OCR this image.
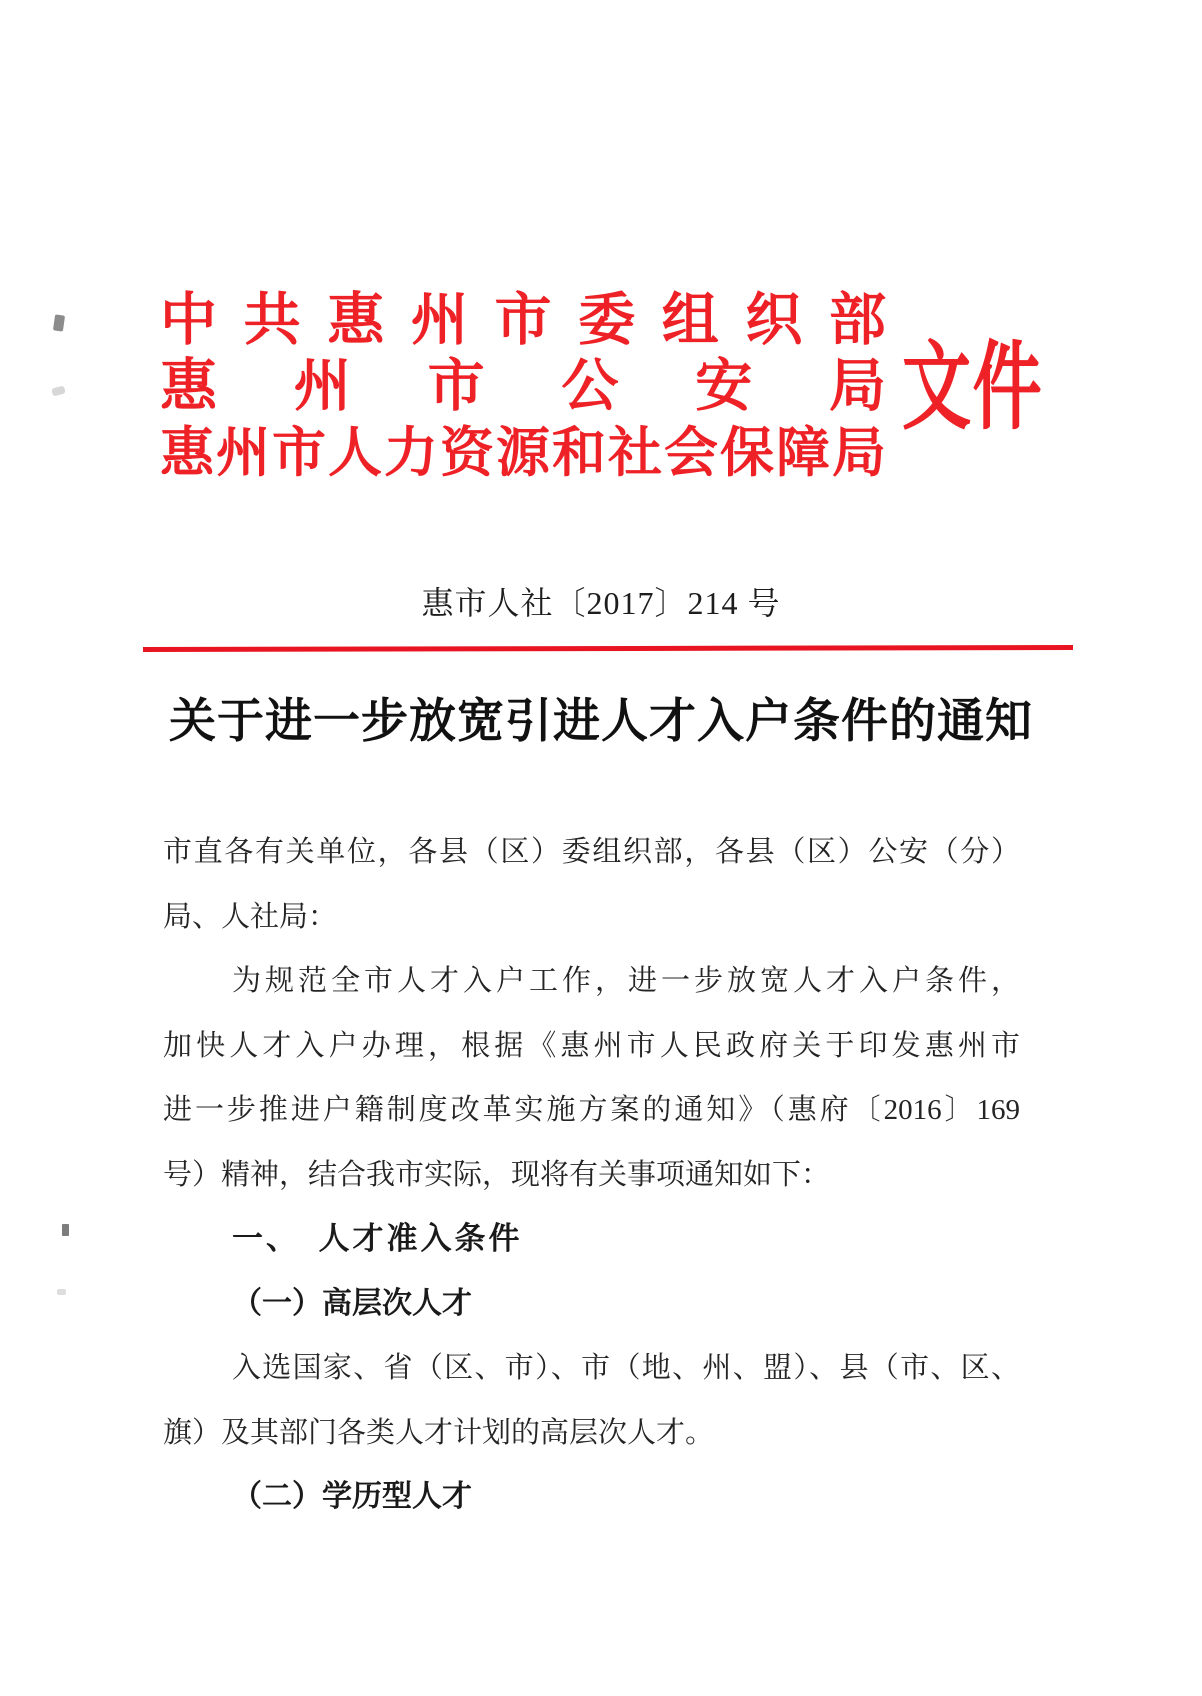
中 共 惠 州 市 委 组 织 部
惠 州 市 公 安 局
惠 州 市 人 力 资 源 和 社 会 保 障 局
文件
惠市人社〔2017〕214 号
关于进一步放宽引进人才入户条件的通知
市直各有关单位，各县（区）委组织部，各县（区）公安（分）
局、人社局：
为规范全市人才入户工作，进一步放宽人才入户条件，
加快人才入户办理，根据《惠州市人民政府关于印发惠州市
进一步推进户籍制度改革实施方案的通知》（惠府〔2016〕169
号）精神，结合我市实际，现将有关事项通知如下：
一、　人才准入条件
（一）高层次人才
入选国家、省（区、市）、市（地、州、盟）、县（市、区、
旗）及其部门各类人才计划的高层次人才。
（二）学历型人才
